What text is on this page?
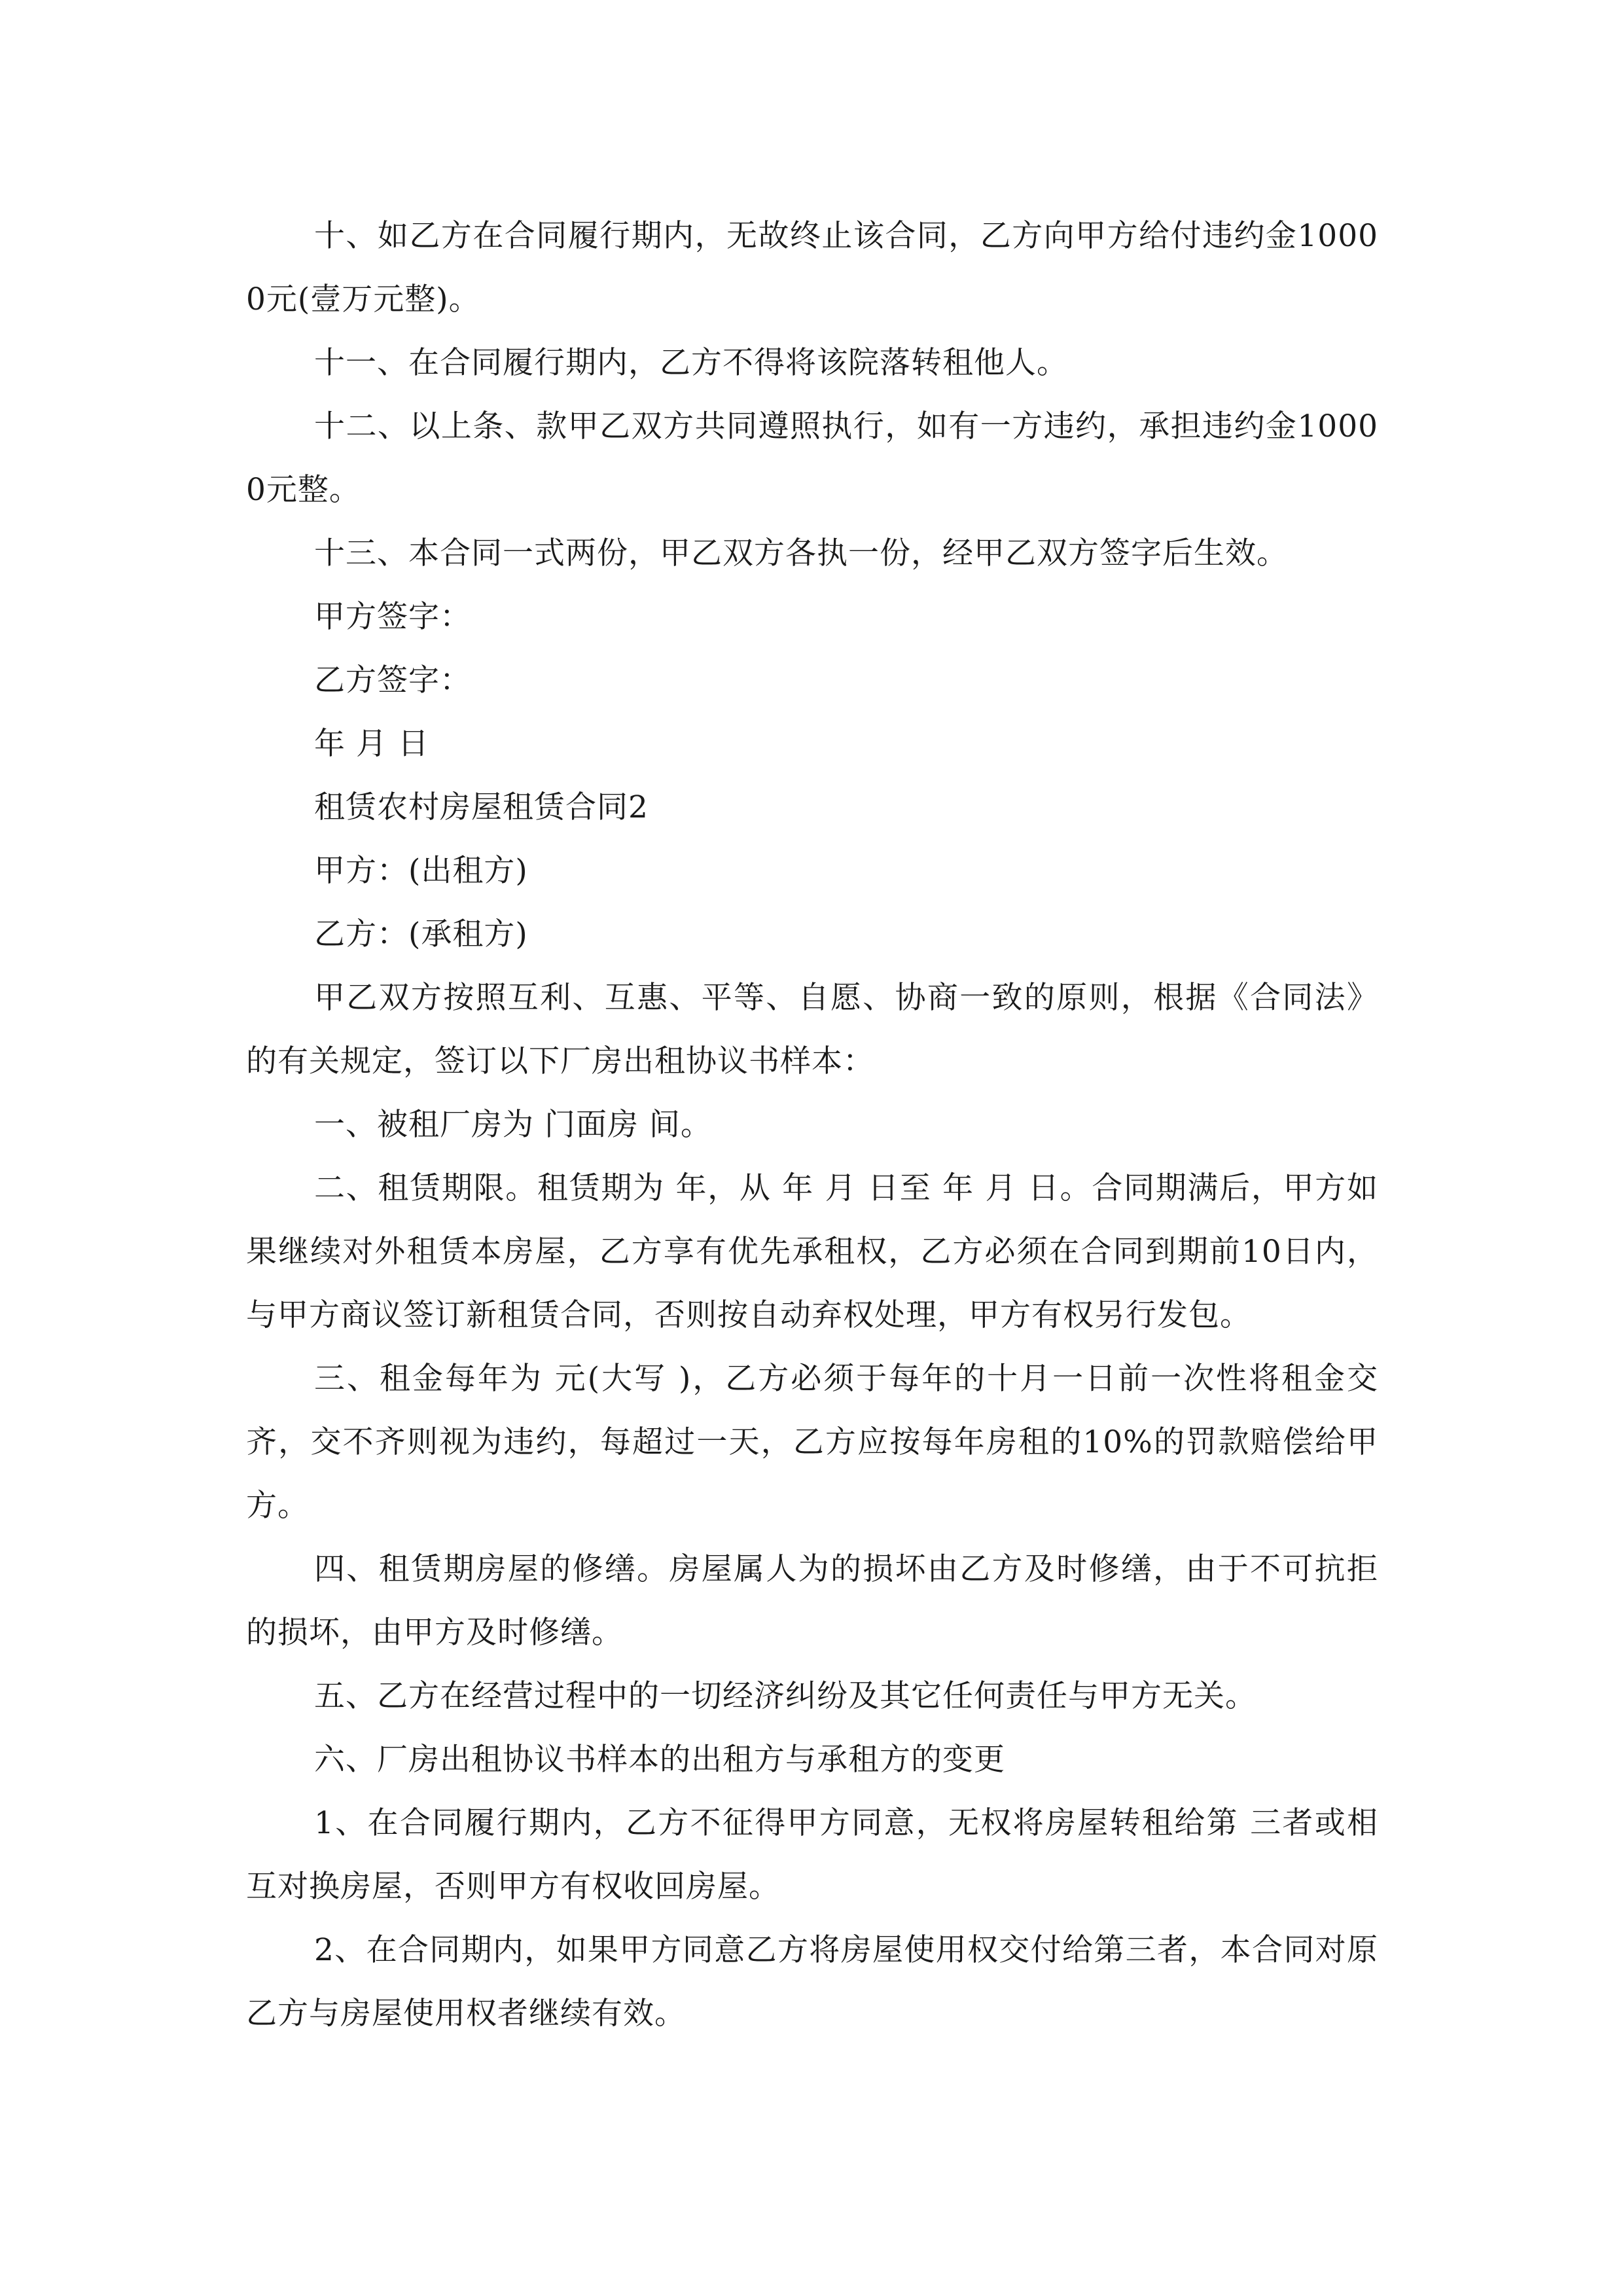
十、如乙方在合同履行期内，无故终止该合同，乙方向甲方给付违约金10000元(壹万元整)。

十一、在合同履行期内，乙方不得将该院落转租他人。

十二、以上条、款甲乙双方共同遵照执行，如有一方违约，承担违约金10000元整。

十三、本合同一式两份，甲乙双方各执一份，经甲乙双方签字后生效。

甲方签字：

乙方签字：

年 月 日

租赁农村房屋租赁合同2

甲方：(出租方)

乙方：(承租方)

甲乙双方按照互利、互惠、平等、自愿、协商一致的原则，根据《合同法》的有关规定，签订以下厂房出租协议书样本：

一、被租厂房为 门面房 间。

二、租赁期限。租赁期为 年，从 年 月 日至 年 月 日。合同期满后，甲方如果继续对外租赁本房屋，乙方享有优先承租权，乙方必须在合同到期前10日内，与甲方商议签订新租赁合同，否则按自动弃权处理，甲方有权另行发包。

三、租金每年为 元(大写 )，乙方必须于每年的十月一日前一次性将租金交齐，交不齐则视为违约，每超过一天，乙方应按每年房租的10%的罚款赔偿给甲方。

四、租赁期房屋的修缮。房屋属人为的损坏由乙方及时修缮，由于不可抗拒的损坏，由甲方及时修缮。

五、乙方在经营过程中的一切经济纠纷及其它任何责任与甲方无关。

六、厂房出租协议书样本的出租方与承租方的变更

1、在合同履行期内，乙方不征得甲方同意，无权将房屋转租给第 三者或相互对换房屋，否则甲方有权收回房屋。

2、在合同期内，如果甲方同意乙方将房屋使用权交付给第三者，本合同对原乙方与房屋使用权者继续有效。
